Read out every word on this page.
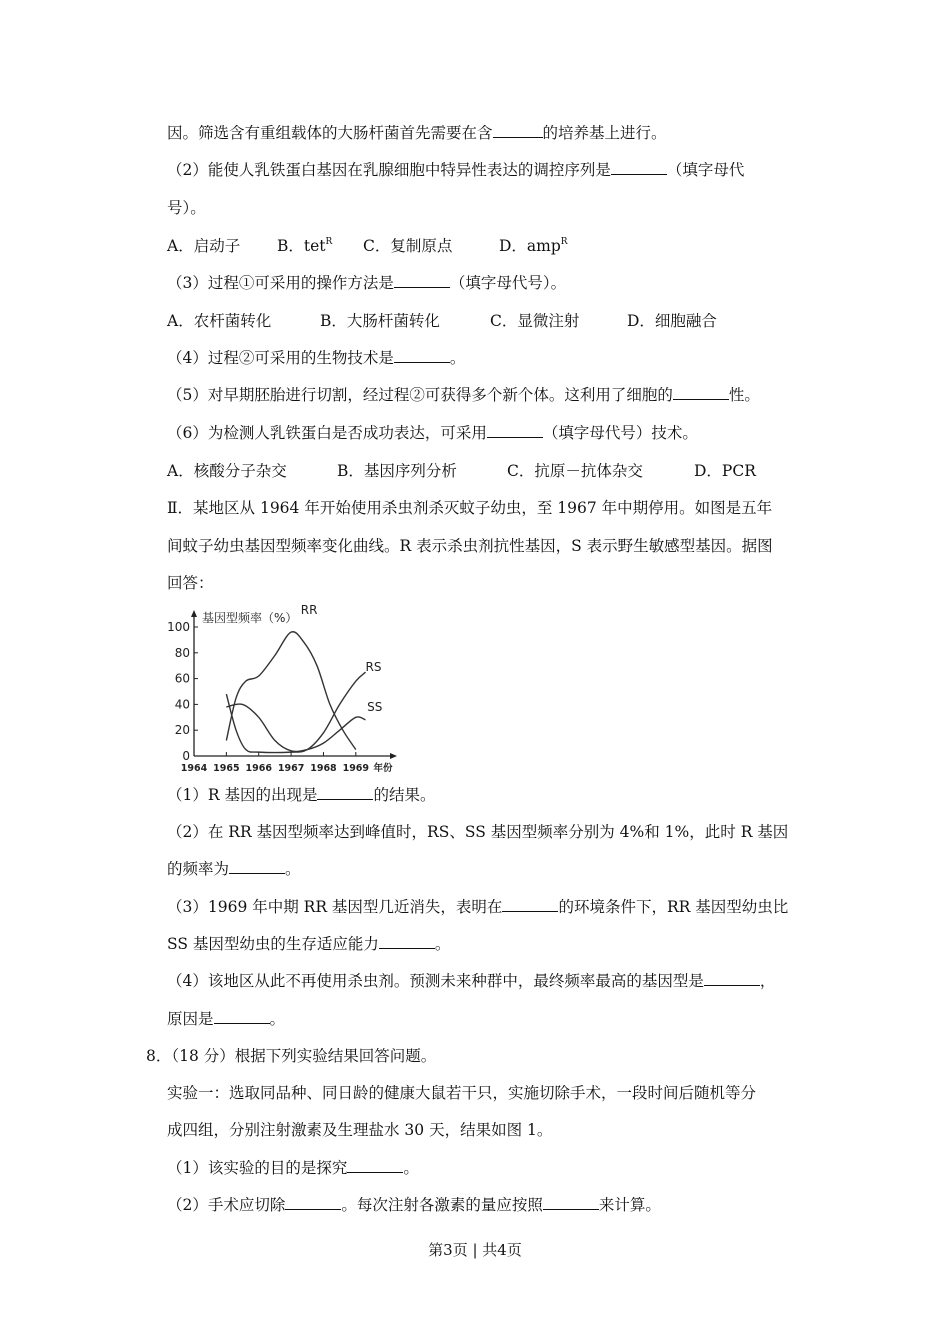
因。筛选含有重组载体的大肠杆菌首先需要在含	的培养基上进行。
（2）能使人乳铁蛋白基因在乳腺细胞中特异性表达的调控序列是	（填字母代
号）。
A．启动子 B．tet$^R$ C．复制原点	D．amp$^R$
（3）过程①可采用的操作方法是	（填字母代号）。
A．农杆菌转化	B．大肠杆菌转化	C．显微注射	D．细胞融合
（4）过程②可采用的生物技术是	。
（5）对早期胚胎进行切割，经过程②可获得多个新个体。这利用了细胞的	性。
（6）为检测人乳铁蛋白是否成功表达，可采用	（填字母代号）技术。
A．核酸分子杂交	B．基因序列分析	C．抗原－抗体杂交	D．PCR
Ⅱ．某地区从 1964 年开始使用杀虫剂杀灭蚊子幼虫，至 1967 年中期停用。如图是五年
间蚊子幼虫基因型频率变化曲线。R 表示杀虫剂抗性基因，S 表示野生敏感型基因。据图
回答：
0
20
40
60
80
100
1964 1965 1966 1967 1968 1969 年份
基因型频率（%）
RR
RS
SS
（1）R 基因的出现是	的结果。
（2）在 RR 基因型频率达到峰值时，RS、SS 基因型频率分别为 4%和 1%，此时 R 基因
的频率为	。
（3）1969 年中期 RR 基因型几近消失，表明在	的环境条件下，RR 基因型幼虫比
SS 基因型幼虫的生存适应能力	。
（4）该地区从此不再使用杀虫剂。预测未来种群中，最终频率最高的基因型是	，
原因是	。
8．（18 分）根据下列实验结果回答问题。
实验一：选取同品种、同日龄的健康大鼠若干只，实施切除手术，一段时间后随机等分
成四组，分别注射激素及生理盐水 30 天，结果如图 1。
（1）该实验的目的是探究	。
（2）手术应切除	。每次注射各激素的量应按照	来计算。
第3页 | 共4页
